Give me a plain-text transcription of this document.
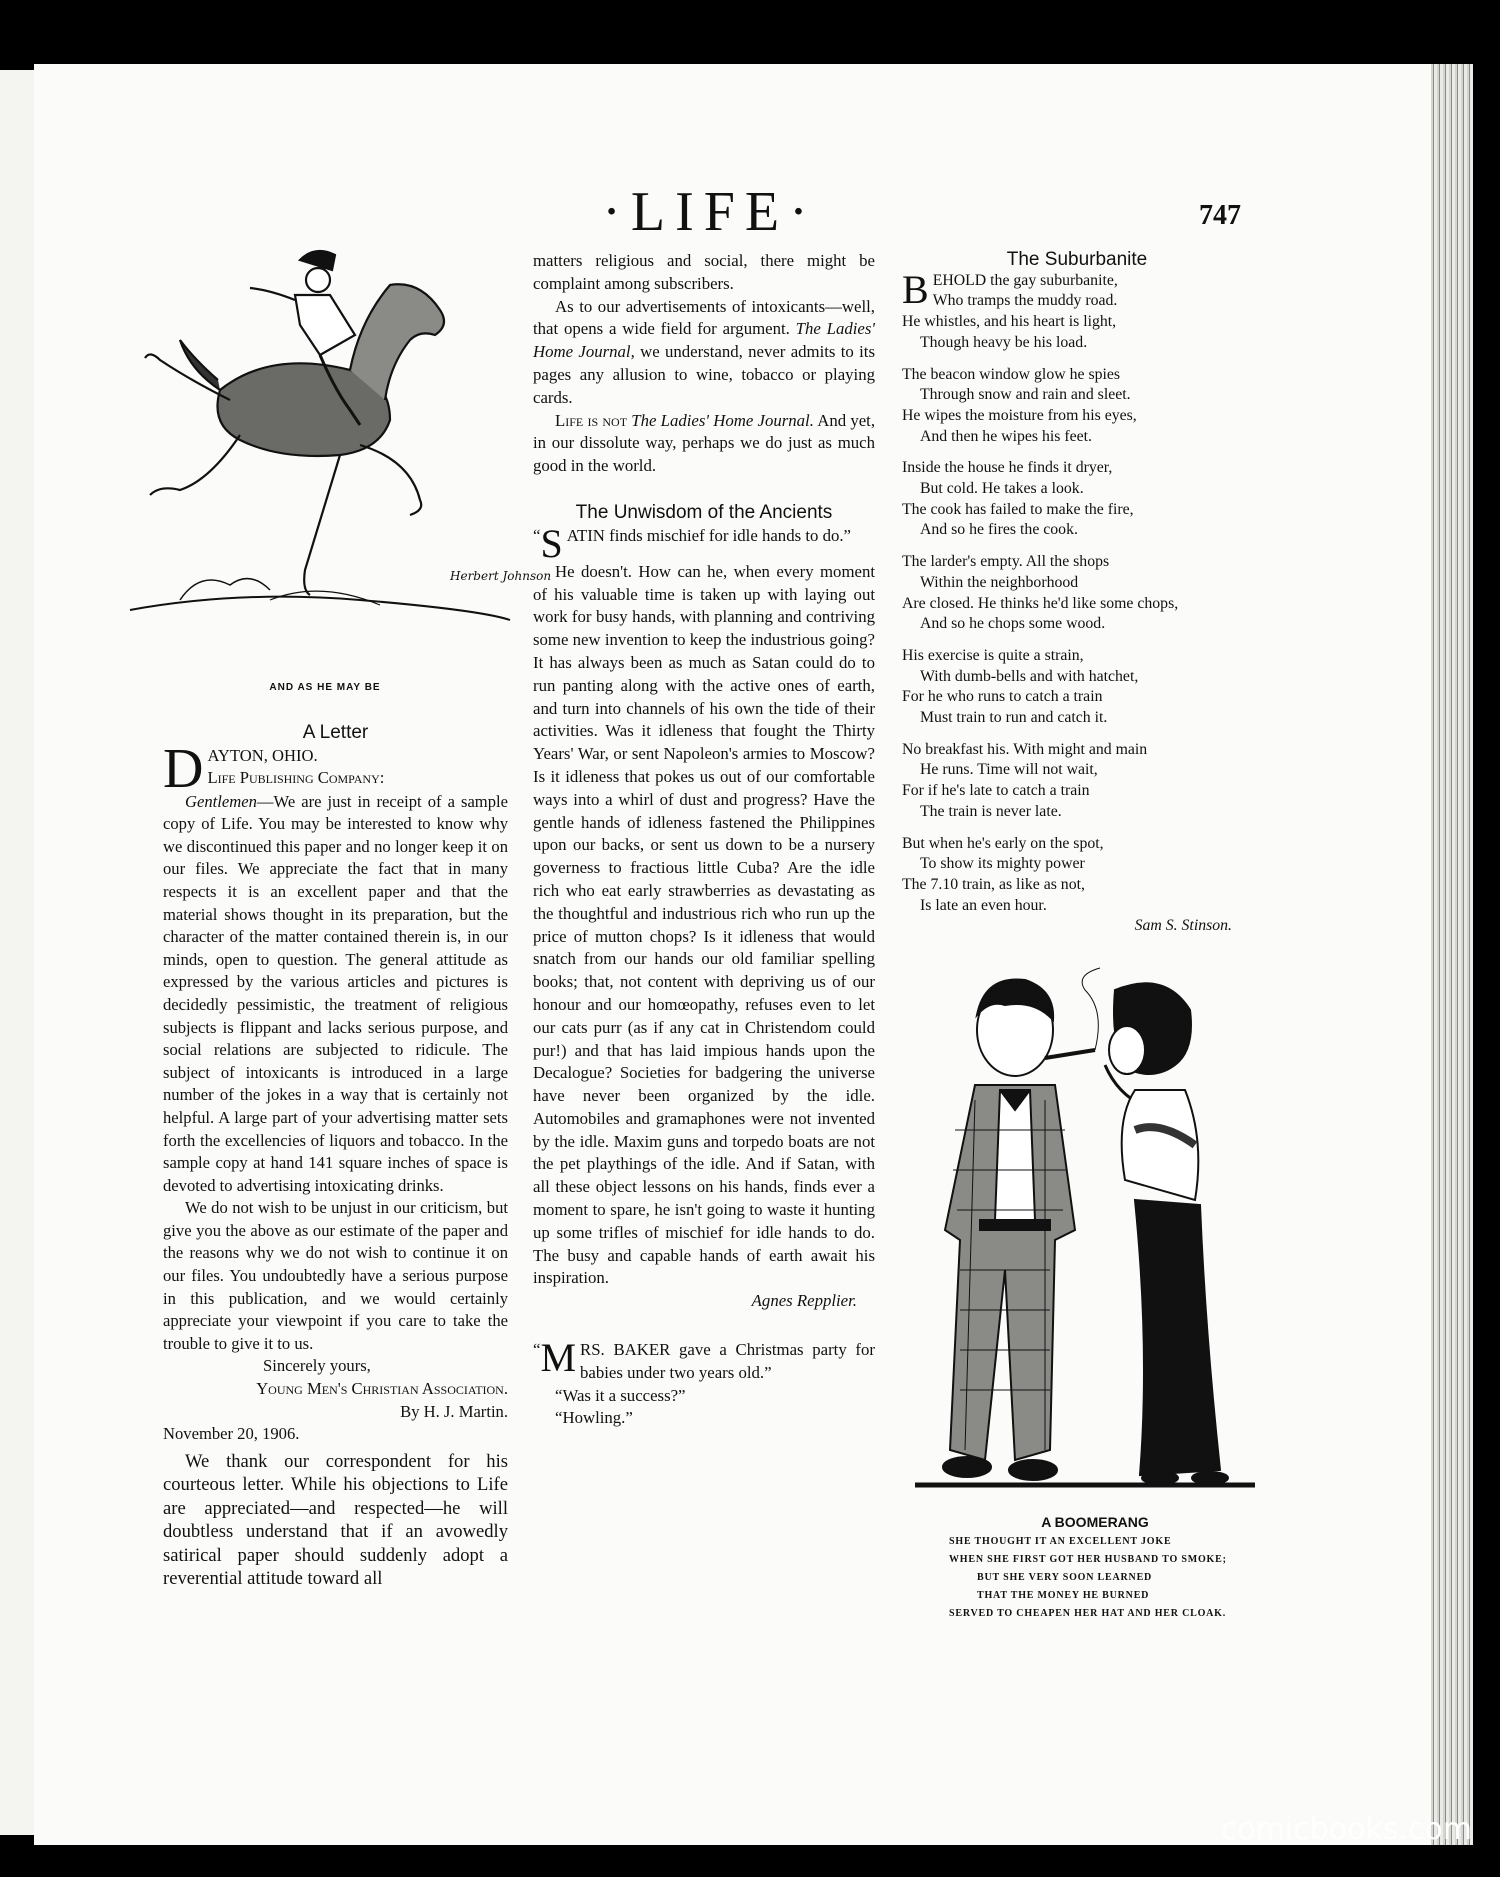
·LIFE·	747
Herbert Johnson
AND AS HE MAY BE

A Letter

DAYTON, OHIO.

Life Publishing Company:

Gentlemen—We are just in receipt of a sample copy of Life. You may be interested to know why we discontinued this paper and no longer keep it on our files. We appreciate the fact that in many respects it is an excellent paper and that the material shows thought in its preparation, but the character of the matter contained therein is, in our minds, open to question. The general attitude as expressed by the various articles and pictures is decidedly pessimistic, the treatment of religious subjects is flippant and lacks serious purpose, and social relations are subjected to ridicule. The subject of intoxicants is introduced in a large number of the jokes in a way that is certainly not helpful. A large part of your advertising matter sets forth the excellencies of liquors and tobacco. In the sample copy at hand 141 square inches of space is devoted to advertising intoxicating drinks.

We do not wish to be unjust in our criticism, but give you the above as our estimate of the paper and the reasons why we do not wish to continue it on our files. You undoubtedly have a serious purpose in this publication, and we would certainly appreciate your viewpoint if you care to take the trouble to give it to us.

Sincerely yours,

Young Men's Christian Association.

By H. J. Martin.

November 20, 1906.

We thank our correspondent for his courteous letter. While his objections to Life are appreciated—and respected—he will doubtless understand that if an avowedly satirical paper should suddenly adopt a reverential attitude toward all

matters religious and social, there might be complaint among subscribers.

As to our advertisements of intoxicants—well, that opens a wide field for argument. The Ladies' Home Journal, we understand, never admits to its pages any allusion to wine, tobacco or playing cards.

Life is not The Ladies' Home Journal. And yet, in our dissolute way, perhaps we do just as much good in the world.

The Unwisdom of the Ancients

“ S ATIN finds mischief for idle hands to do.”

He doesn't. How can he, when every moment of his valuable time is taken up with laying out work for busy hands, with planning and contriving some new invention to keep the industrious going? It has always been as much as Satan could do to run panting along with the active ones of earth, and turn into channels of his own the tide of their activities. Was it idleness that fought the Thirty Years' War, or sent Napoleon's armies to Moscow? Is it idleness that pokes us out of our comfortable ways into a whirl of dust and progress? Have the gentle hands of idleness fastened the Philippines upon our backs, or sent us down to be a nursery governess to fractious little Cuba? Are the idle rich who eat early strawberries as devastating as the thoughtful and industrious rich who run up the price of mutton chops? Is it idleness that would snatch from our hands our old familiar spelling books; that, not content with depriving us of our honour and our homœopathy, refuses even to let our cats purr (as if any cat in Christendom could pur!) and that has laid impious hands upon the Decalogue? Societies for badgering the universe have never been organized by the idle. Automobiles and gramaphones were not invented by the idle. Maxim guns and torpedo boats are not the pet playthings of the idle. And if Satan, with all these object lessons on his hands, finds ever a moment to spare, he isn't going to waste it hunting up some trifles of mischief for idle hands to do. The busy and capable hands of earth await his inspiration.

Agnes Repplier.

“ M RS. BAKER gave a Christmas party for babies under two years old.”

“Was it a success?”

“Howling.”

The Suburbanite

BEHOLD the gay suburbanite,

Who tramps the muddy road.

He whistles, and his heart is light,

Though heavy be his load.

The beacon window glow he spies

Through snow and rain and sleet.

He wipes the moisture from his eyes,

And then he wipes his feet.

Inside the house he finds it dryer,

But cold. He takes a look.

The cook has failed to make the fire,

And so he fires the cook.

The larder's empty. All the shops

Within the neighborhood

Are closed. He thinks he'd like some chops,

And so he chops some wood.

His exercise is quite a strain,

With dumb-bells and with hatchet,

For he who runs to catch a train

Must train to run and catch it.

No breakfast his. With might and main

He runs. Time will not wait,

For if he's late to catch a train

The train is never late.

But when he's early on the spot,

To show its mighty power

The 7.10 train, as like as not,

Is late an even hour.

Sam S. Stinson.

A BOOMERANG
SHE THOUGHT IT AN EXCELLENT JOKE
WHEN SHE FIRST GOT HER HUSBAND TO SMOKE;
BUT SHE VERY SOON LEARNED
THAT THE MONEY HE BURNED
SERVED TO CHEAPEN HER HAT AND HER CLOAK.
comicbooks.com
